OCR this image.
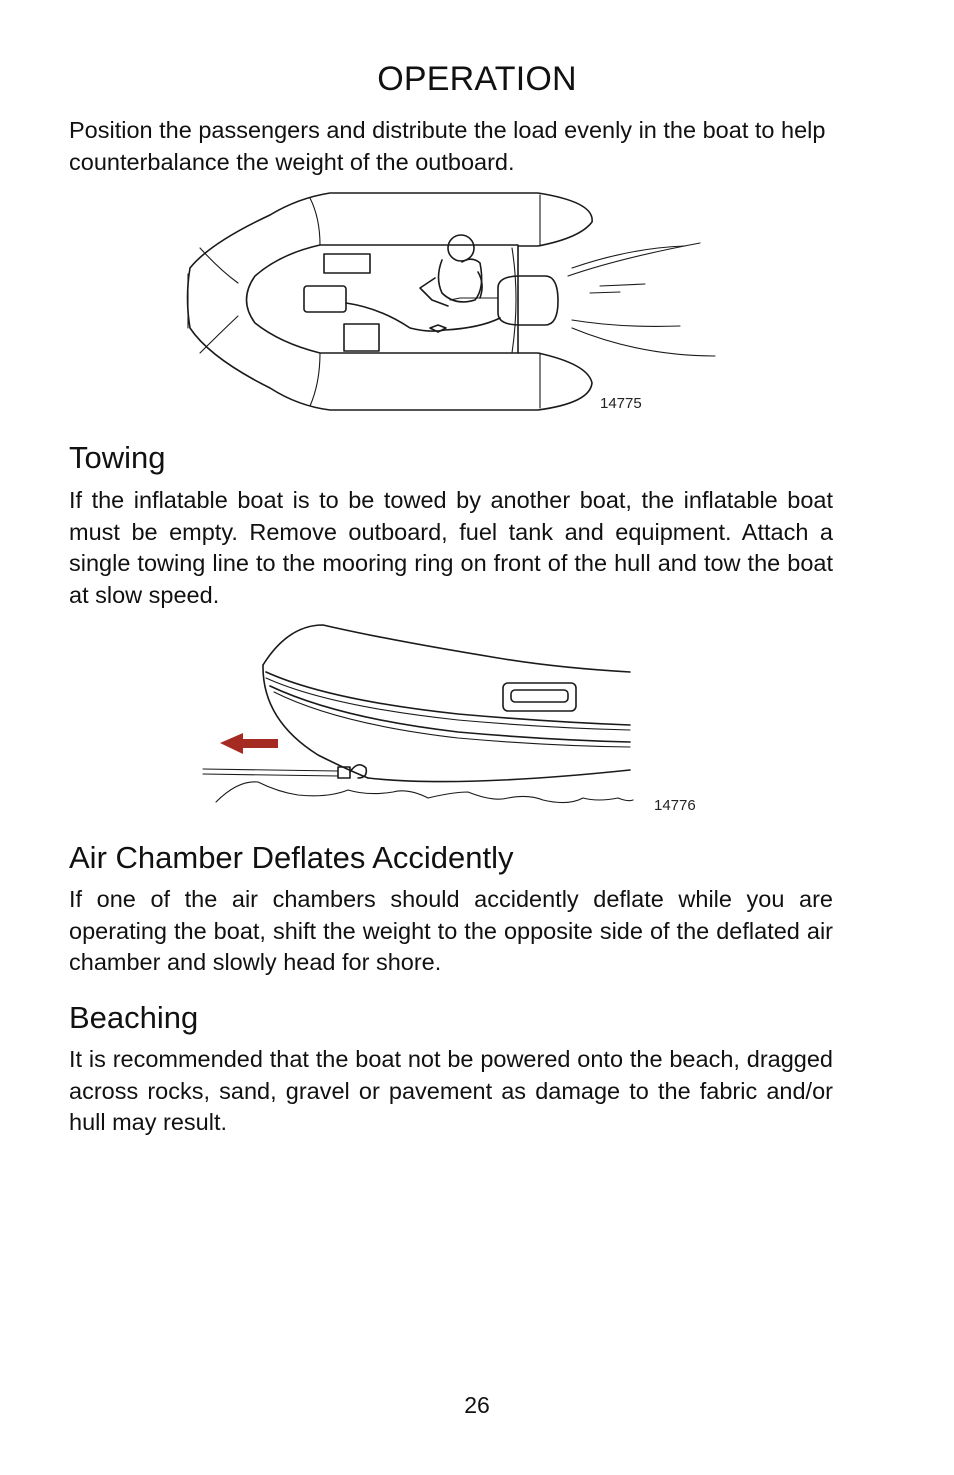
OPERATION

Position the passengers and distribute the load evenly in the boat to help counterbalance the weight of the outboard.

14775
Towing

If the inflatable boat is to be towed by another boat, the inflatable boat must be empty. Remove outboard, fuel tank and equipment. Attach a single towing line to the mooring ring on front of the hull and tow the boat at slow speed.

14776
Air Chamber Deflates Accidently

If one of the air chambers should accidently deflate while you are operating the boat, shift the weight to the opposite side of the deflated air chamber and slowly head for shore.

Beaching

It is recommended that the boat not be powered onto the beach, dragged across rocks, sand, gravel or pavement as damage to the fabric and/or hull may result.

26
